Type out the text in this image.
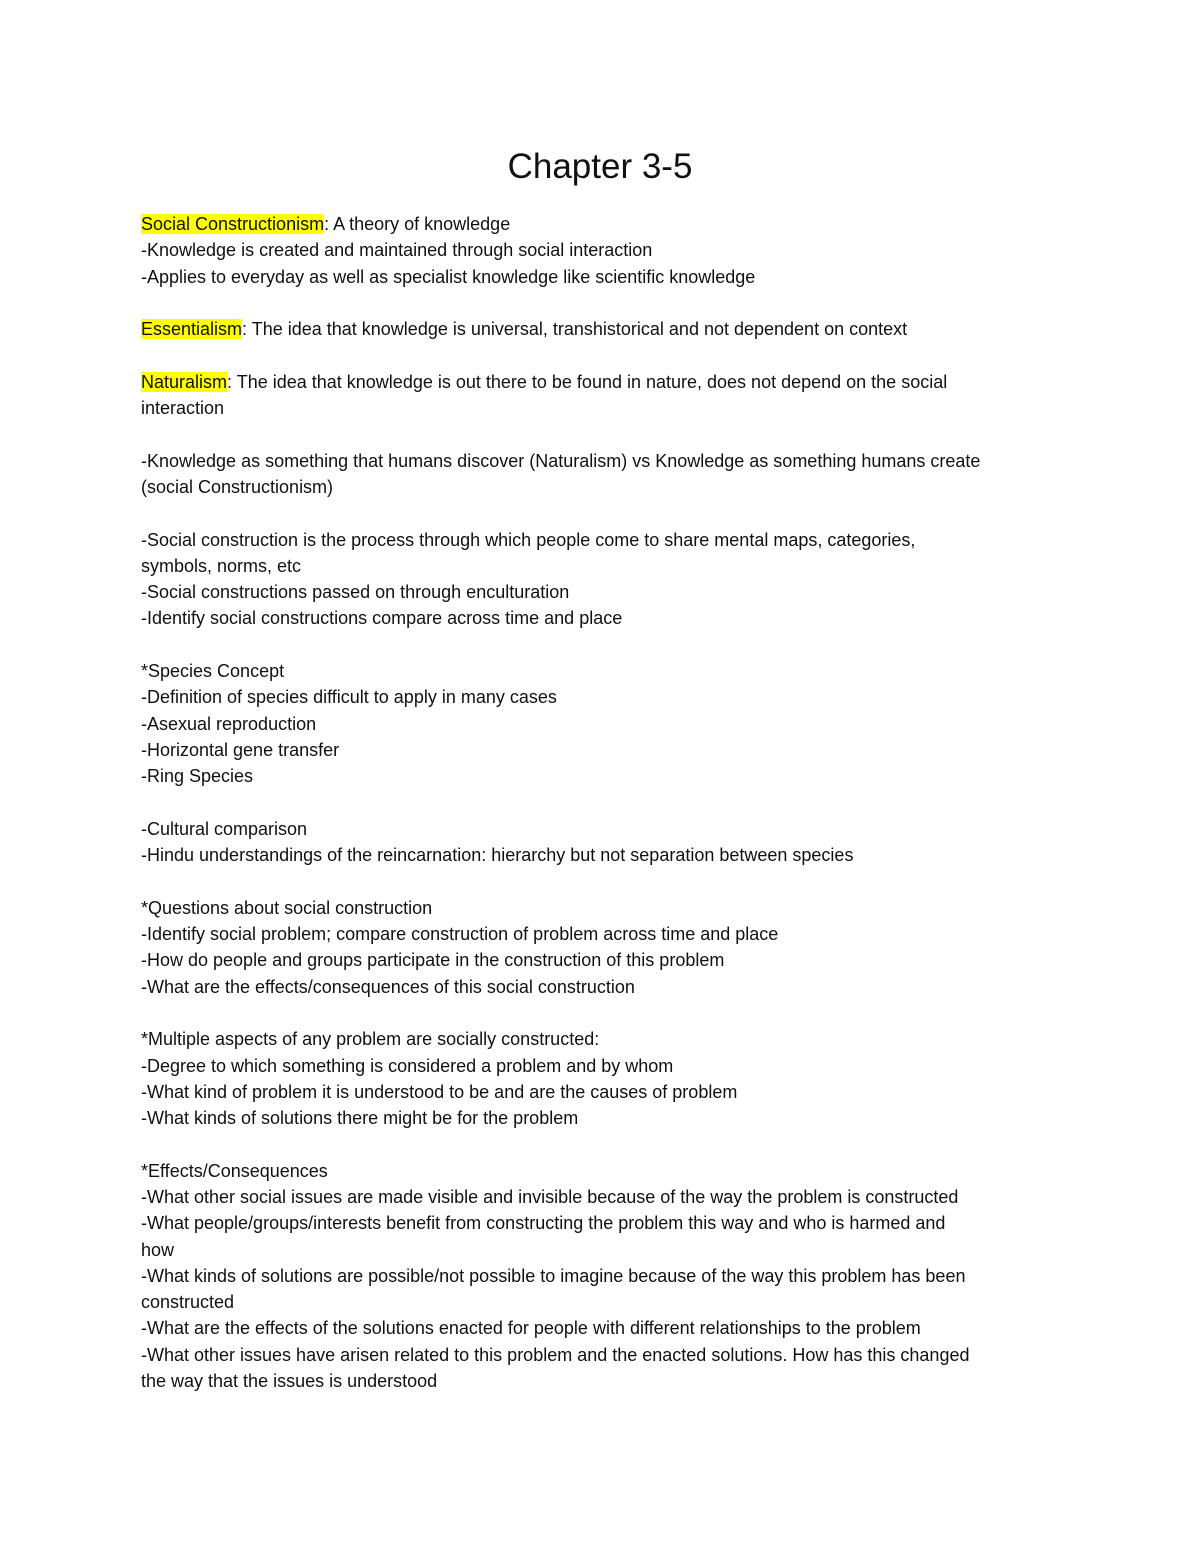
Chapter 3-5
Social Constructionism: A theory of knowledge
-Knowledge is created and maintained through social interaction
-Applies to everyday as well as specialist knowledge like scientific knowledge
Essentialism: The idea that knowledge is universal, transhistorical and not dependent on context
Naturalism: The idea that knowledge is out there to be found in nature, does not depend on the social
interaction
-Knowledge as something that humans discover (Naturalism) vs Knowledge as something humans create
(social Constructionism)
-Social construction is the process through which people come to share mental maps, categories,
symbols, norms, etc
-Social constructions passed on through enculturation
-Identify social constructions compare across time and place
*Species Concept
-Definition of species difficult to apply in many cases
-Asexual reproduction
-Horizontal gene transfer
-Ring Species
-Cultural comparison
-Hindu understandings of the reincarnation: hierarchy but not separation between species
*Questions about social construction
-Identify social problem; compare construction of problem across time and place
-How do people and groups participate in the construction of this problem
-What are the effects/consequences of this social construction
*Multiple aspects of any problem are socially constructed:
-Degree to which something is considered a problem and by whom
-What kind of problem it is understood to be and are the causes of problem
-What kinds of solutions there might be for the problem
*Effects/Consequences
-What other social issues are made visible and invisible because of the way the problem is constructed
-What people/groups/interests benefit from constructing the problem this way and who is harmed and
how
-What kinds of solutions are possible/not possible to imagine because of the way this problem has been
constructed
-What are the effects of the solutions enacted for people with different relationships to the problem
-What other issues have arisen related to this problem and the enacted solutions. How has this changed
the way that the issues is understood
